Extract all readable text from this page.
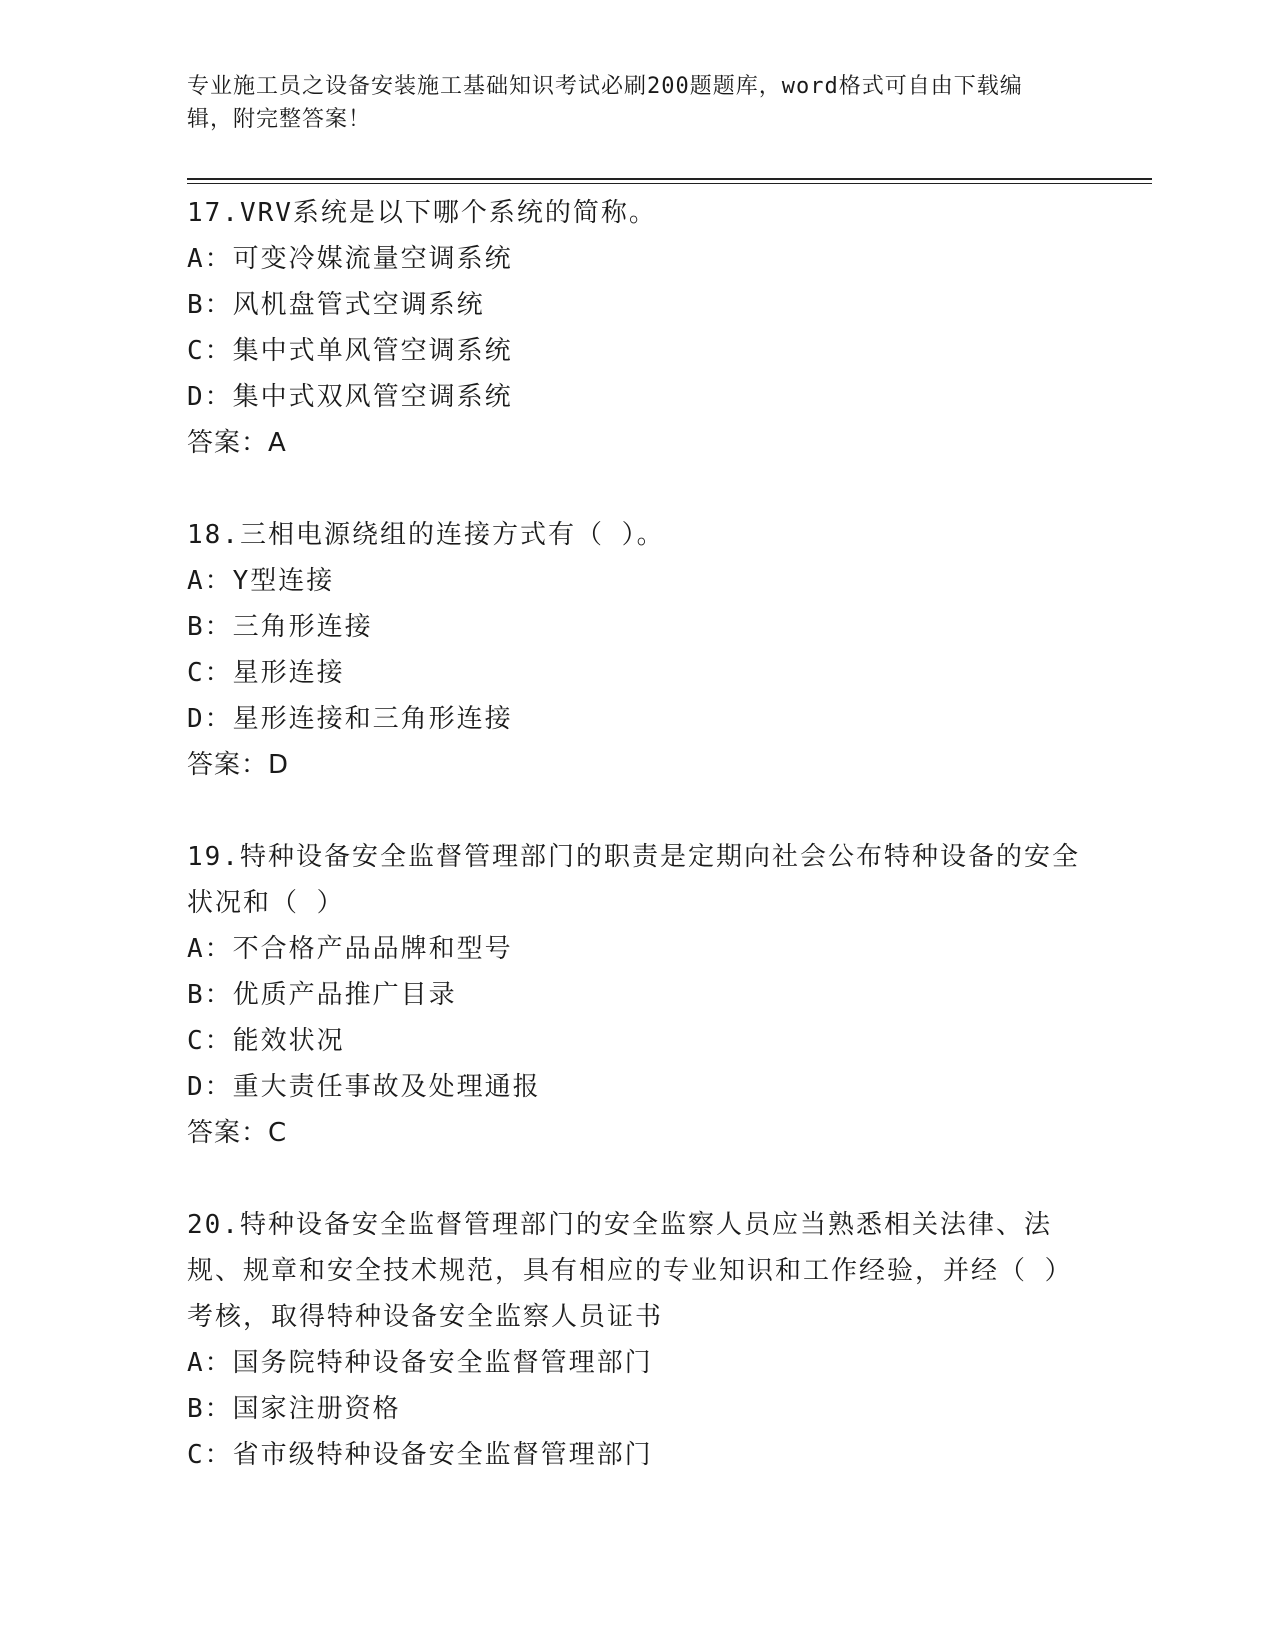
专业施工员之设备安装施工基础知识考试必刷200题题库，word格式可自由下载编辑，附完整答案！
17.VRV系统是以下哪个系统的简称。
A：可变冷媒流量空调系统
B：风机盘管式空调系统
C：集中式单风管空调系统
D：集中式双风管空调系统
答案：A
18.三相电源绕组的连接方式有（ ）。
A：Y型连接
B：三角形连接
C：星形连接
D：星形连接和三角形连接
答案：D
19.特种设备安全监督管理部门的职责是定期向社会公布特种设备的安全状况和（ ）
A：不合格产品品牌和型号
B：优质产品推广目录
C：能效状况
D：重大责任事故及处理通报
答案：C
20.特种设备安全监督管理部门的安全监察人员应当熟悉相关法律、法规、规章和安全技术规范，具有相应的专业知识和工作经验，并经（ ）考核，取得特种设备安全监察人员证书
A：国务院特种设备安全监督管理部门
B：国家注册资格
C：省市级特种设备安全监督管理部门
